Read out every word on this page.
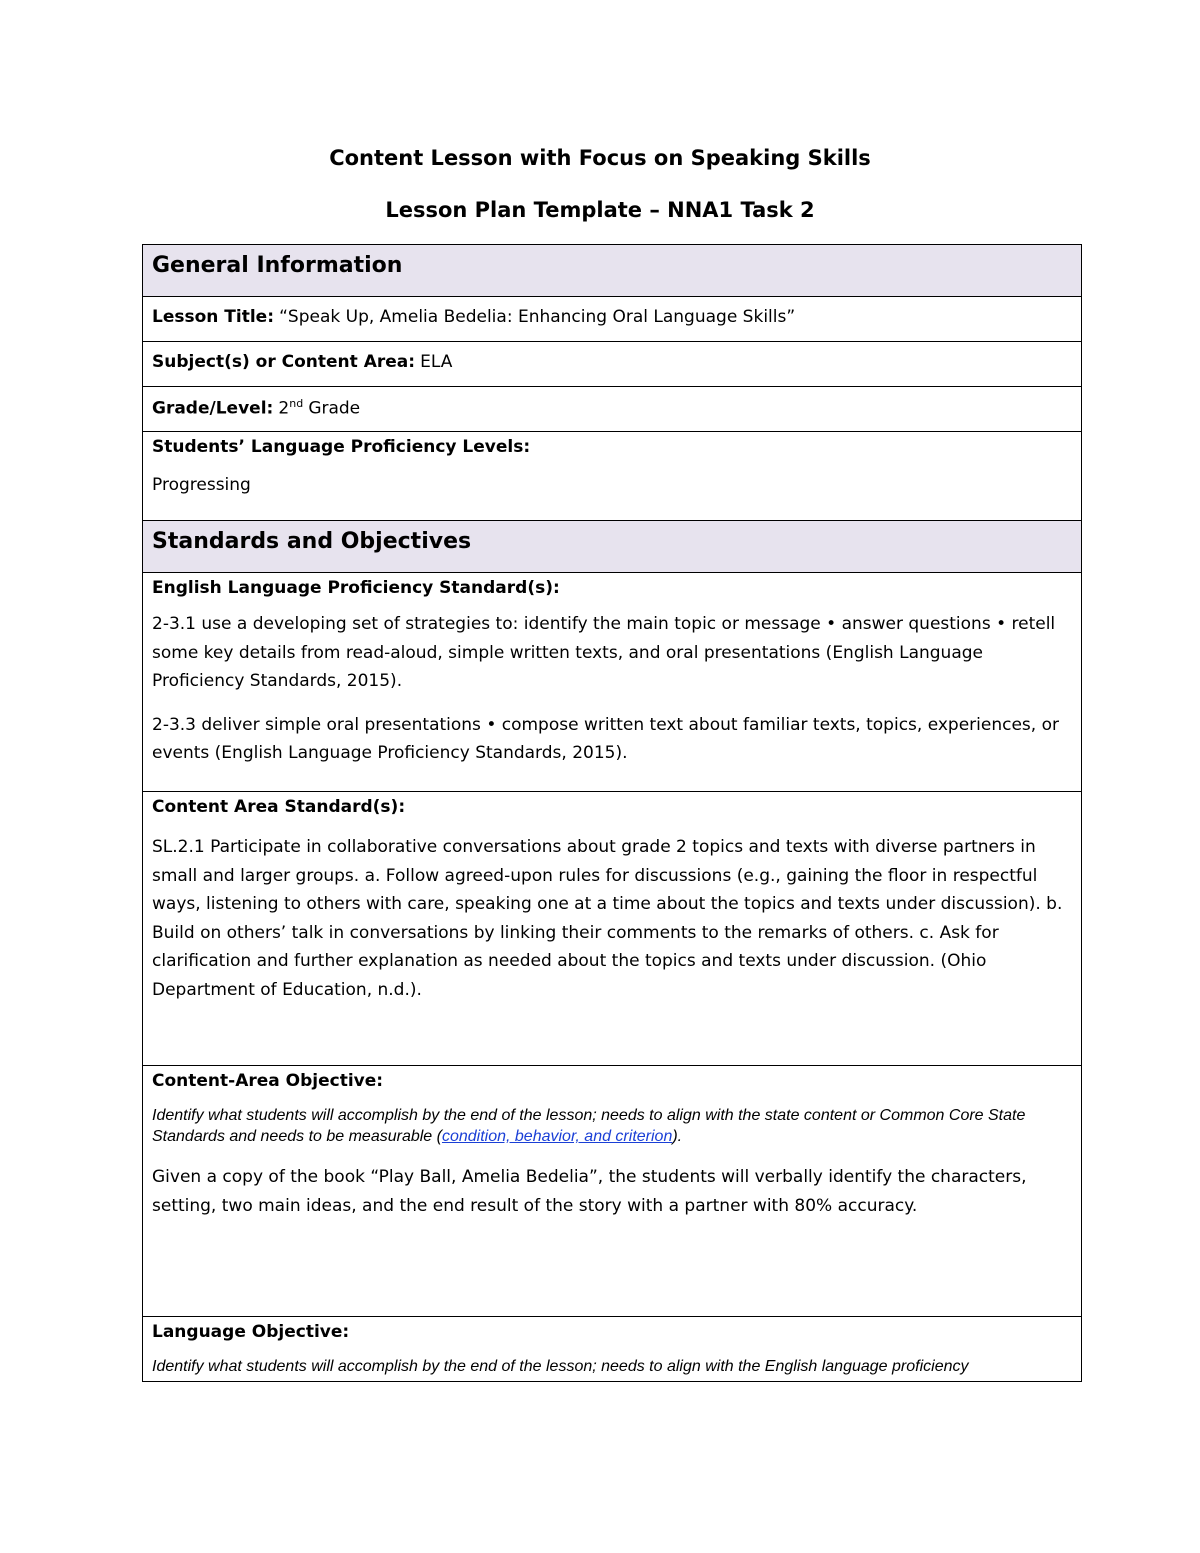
Content Lesson with Focus on Speaking Skills
Lesson Plan Template – NNA1 Task 2
General Information

Lesson Title: “Speak Up, Amelia Bedelia: Enhancing Oral Language Skills”

Subject(s) or Content Area: ELA

Grade/Level: 2nd Grade

Students’ Language Proficiency Levels:
Progressing

Standards and Objectives

English Language Proficiency Standard(s):

2-3.1 use a developing set of strategies to: identify the main topic or message • answer questions • retell some key details from read-aloud, simple written texts, and oral presentations (English Language Proficiency Standards, 2015).

2-3.3 deliver simple oral presentations • compose written text about familiar texts, topics, experiences, or events (English Language Proficiency Standards, 2015).

Content Area Standard(s):

SL.2.1 Participate in collaborative conversations about grade 2 topics and texts with diverse partners in small and larger groups. a. Follow agreed-upon rules for discussions (e.g., gaining the floor in respectful ways, listening to others with care, speaking one at a time about the topics and texts under discussion). b. Build on others’ talk in conversations by linking their comments to the remarks of others. c. Ask for clarification and further explanation as needed about the topics and texts under discussion. (Ohio Department of Education, n.d.).

Content-Area Objective:

Identify what students will accomplish by the end of the lesson; needs to align with the state content or Common Core State Standards and needs to be measurable (condition, behavior, and criterion).

Given a copy of the book “Play Ball, Amelia Bedelia”, the students will verbally identify the characters, setting, two main ideas, and the end result of the story with a partner with 80% accuracy.

Language Objective:

Identify what students will accomplish by the end of the lesson; needs to align with the English language proficiency
